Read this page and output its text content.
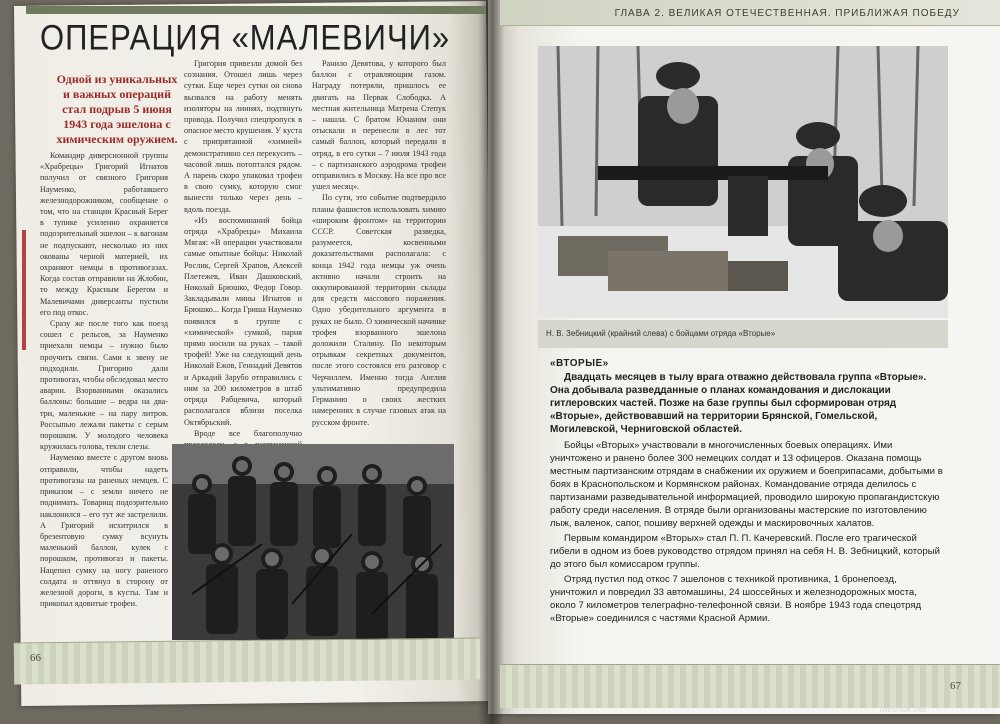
ГЛАВА 2. ВЕЛИКАЯ ОТЕЧЕСТВЕННАЯ. ПРИБЛИЖАЯ ПОБЕДУ
ОПЕРАЦИЯ «МАЛЕВИЧИ»
Одной из уникальных и важных операций стал подрыв 5 июня 1943 года эшелона с химическим оружием.

Командир диверсионной группы «Храбрецы» Григорий Игнатов получил от связного Григория Науменко, работавшего железнодорожником, сообщение о том, что на станции Красный Берег в тупике усиленно охраняется подозрительный эшелон – к вагонам не подпускают, несколько из них окованы черной материей, их охраняют немцы в противогазах. Когда состав отправили на Жлобин, то между Красным Берегом и Малевичами диверсанты пустили его под откос.

Сразу же после того как поезд сошел с рельсов, за Науменко приехали немцы – нужно было проучить связи. Сами к звену не подходили. Григорию дали противогаз, чтобы обследовал место аварии. Взорванными оказались баллоны: большие – ведра на два-три, маленькие – на пару литров. Россыпью лежали пакеты с серым порошком. У молодого человека кружилась голова, текли слезы.

Науменко вместе с другом вновь отправили, чтобы надеть противогазы на раненых немцев. С приказом – с земли ничего не поднимать. Товарищ подозрительно наклонился – его тут же застрелили. А Григорий исхитрился в брезентовую сумку всунуть маленький баллон, кулек с порошком, противогаз и пакеты. Нацепил сумку на ногу раненого солдата и оттянул в сторону от железной дороги, в кусты. Там и прикопал ядовитые трофеи.

Григория привезли домой без сознания. Отошел лишь через сутки. Еще через сутки он снова вызвался на работу менять изоляторы на линиях, подтянуть провода. Получил спецпропуск в опасное место крушения. У куста с припрятанной «химией» демонстративно сел перекусить – часовой лишь потоптался рядом. А парень скоро упаковал трофеи в свою сумку, которую смог вынести только через день – вдоль поезда.

«Из воспоминаний бойца отряда «Храбрецы» Михаила Мягая: «В операции участвовали самые опытные бойцы: Николай Рослик, Сергей Храпов, Алексей Плетежев, Иван Дашковский, Николай Брюшко, Федор Говор. Закладывали мины Игнатов и Брюшко... Когда Гриша Науменко появился в группе с «химической» сумкой, парня прямо носили на руках – такой трофей! Уже на следующий день Николай Ежов, Геннадий Девятов и Аркадий Зарубо отправились с ним за 200 километров в штаб отряда Рабцевича, который располагался вблизи поселка Октябрьский.

Вроде все благополучно

Ранило Девятова, у которого был баллон с отравляющим газом. Награду потеряли, пришлось ее двигать на Первак Слободка. А местная жительница Матрена Степук – нашла. С братом Юнаном они отыскали и перенесли в лес тот самый баллон, который передали в отряд, в его сутки – 7 июля 1943 года – с партизанского аэродрома трофеи отправились в Москву. На все про все ушел месяц».

По сути, это событие подтвердило планы фашистов использовать химию «широким фронтом» на территории СССР. Советская разведка, разумеется, косвенными доказательствами располагала: с конца 1942 года немцы уж очень активно начали строить на оккупированной территории склады для средств массового поражения. Одно убедительного аргумента в руках не было. О химической начинке трофея взорванного эшелона доложили Сталину. По некоторым отрывкам секретных документов, после этого состоялся его разговор с Черчиллем. Именно тогда Англия ультимативно предупредила Германию о своих жестких намерениях в случае газовых атак на русском фронте.

66
Н. В. Зебницкий (крайний слева) с бойцами отряда «Вторые»
«ВТОРЫЕ»

Двадцать месяцев в тылу врага отважно действовала группа «Вторые». Она добывала разведданные о планах командования и дислокации гитлеровских частей. Позже на базе группы был сформирован отряд «Вторые», действовавший на территории Брянской, Гомельской, Могилевской, Черниговской областей.

Бойцы «Вторых» участвовали в многочисленных боевых операциях. Ими уничтожено и ранено более 300 немецких солдат и 13 офицеров. Оказана помощь местным партизанским отрядам в снабжении их оружием и боеприпасами, добытыми в боях в Краснопольском и Кормянском районах. Командование отряда делилось с партизанами разведывательной информацией, проводило широкую пропагандистскую работу среди населения. В отряде были организованы мастерские по изготовлению лыж, валенок, сапог, пошиву верхней одежды и маскировочных халатов.

Первым командиром «Вторых» стал П. П. Качеревский. После его трагической гибели в одном из боев руководство отрядом принял на себя Н. В. Зебницкий, который до этого был комиссаром группы.

Отряд пустил под откос 7 эшелонов с техникой противника, 1 бронепоезд, уничтожил и повредил 33 автомашины, 24 шоссейных и железнодорожных моста, около 7 километров телеграфно-телефонной связи. В ноябре 1943 года спецотряд «Вторые» соединился с частями Красной Армии.

67
meshok.net
